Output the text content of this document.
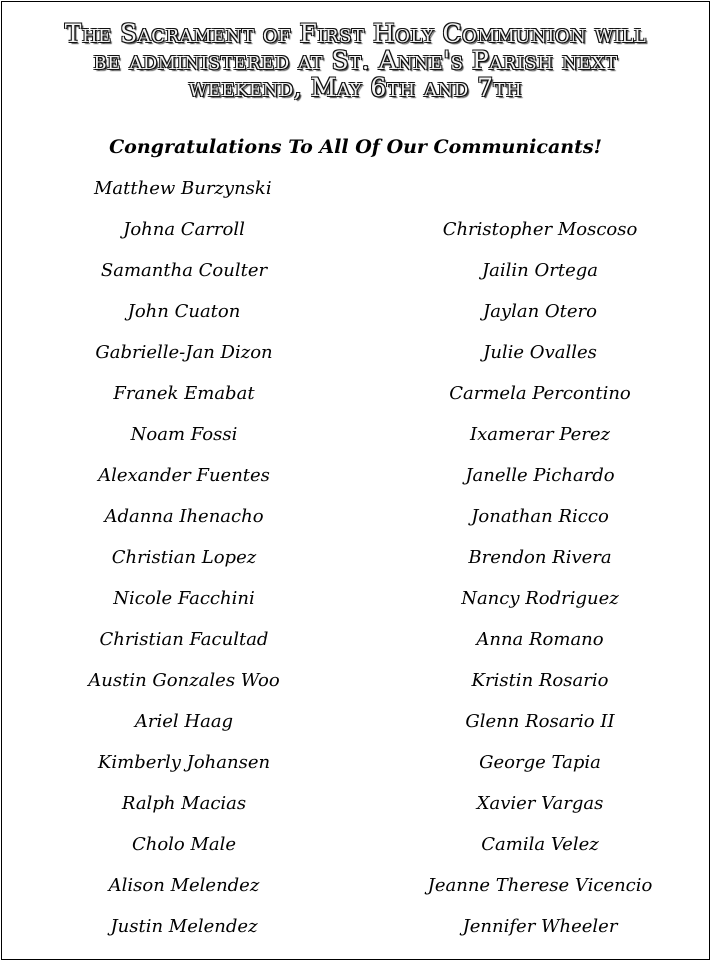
The Sacrament of First Holy Communion will
be administered at St. Anne's Parish next
weekend, May 6th and 7th
Congratulations To All Of Our Communicants!
Matthew Burzynski
Johna Carroll
Samantha Coulter
John Cuaton
Gabrielle-Jan Dizon
Franek Emabat
Noam Fossi
Alexander Fuentes
Adanna Ihenacho
Christian Lopez
Nicole Facchini
Christian Facultad
Austin Gonzales Woo
Ariel Haag
Kimberly Johansen
Ralph Macias
Cholo Male
Alison Melendez
Justin Melendez
Christopher Moscoso
Jailin Ortega
Jaylan Otero
Julie Ovalles
Carmela Percontino
Ixamerar Perez
Janelle Pichardo
Jonathan Ricco
Brendon Rivera
Nancy Rodriguez
Anna Romano
Kristin Rosario
Glenn Rosario II
George Tapia
Xavier Vargas
Camila Velez
Jeanne Therese Vicencio
Jennifer Wheeler
